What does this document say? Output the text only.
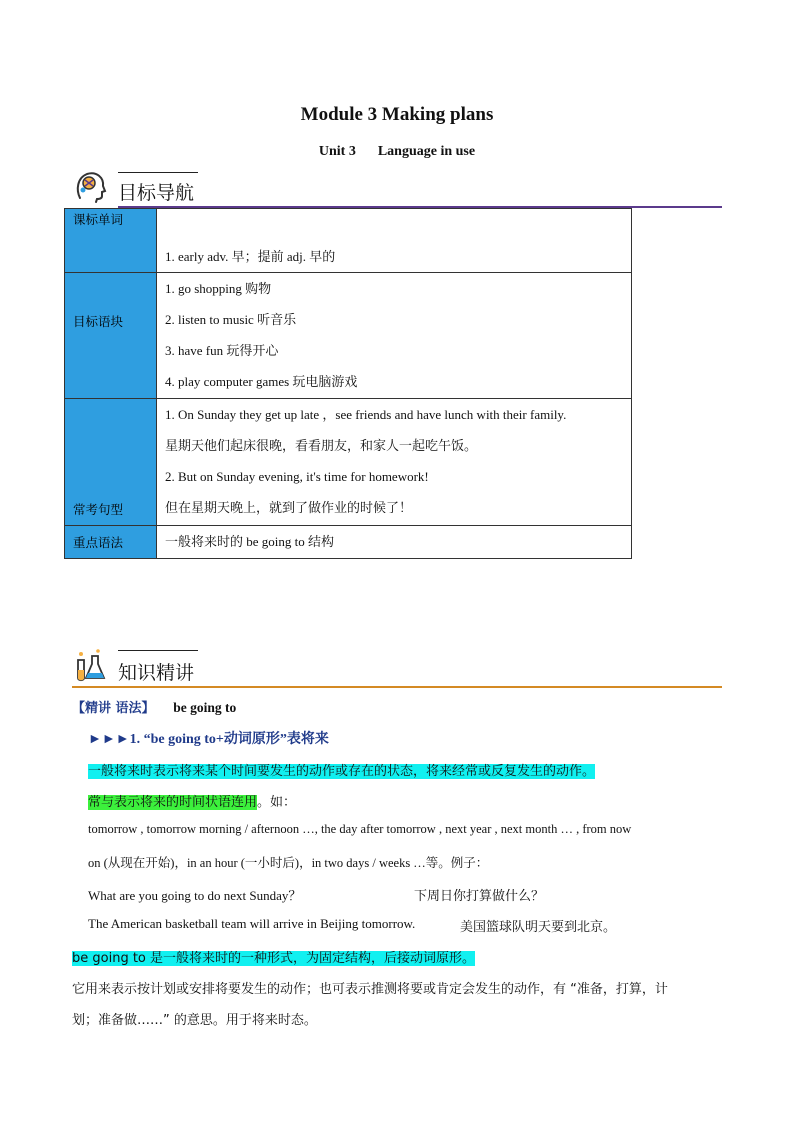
Module 3 Making plans
Unit 3 Language in use
目标导航
课标单词	1. early adv. 早；提前 adj. 早的

目标语块	1. go shopping 购物
2. listen to music 听音乐
3. have fun 玩得开心
4. play computer games 玩电脑游戏

常考句型	1. On Sunday they get up late ，see friends and have lunch with their family.
星期天他们起床很晚，看看朋友，和家人一起吃午饭。
2. But on Sunday evening, it's time for homework!
但在星期天晚上，就到了做作业的时候了！

重点语法	一般将来时的 be going to 结构
知识精讲
【精讲 语法】 be going to
►►►1. “be going to+动词原形”表将来
一般将来时表示将来某个时间要发生的动作或存在的状态，将来经常或反复发生的动作。
常与表示将来的时间状语连用。如：
tomorrow , tomorrow morning / afternoon …, the day after tomorrow , next year , next month … , from now
on (从现在开始)，in an hour (一小时后)，in two days / weeks …等。例子：
What are you going to do next Sunday？	下周日你打算做什么？
The American basketball team will arrive in Beijing tomorrow.	美国篮球队明天要到北京。
be going to 是一般将来时的一种形式，为固定结构，后接动词原形。
它用来表示按计划或安排将要发生的动作；也可表示推测将要或肯定会发生的动作，有 “准备，打算，计
划；准备做……” 的意思。用于将来时态。
